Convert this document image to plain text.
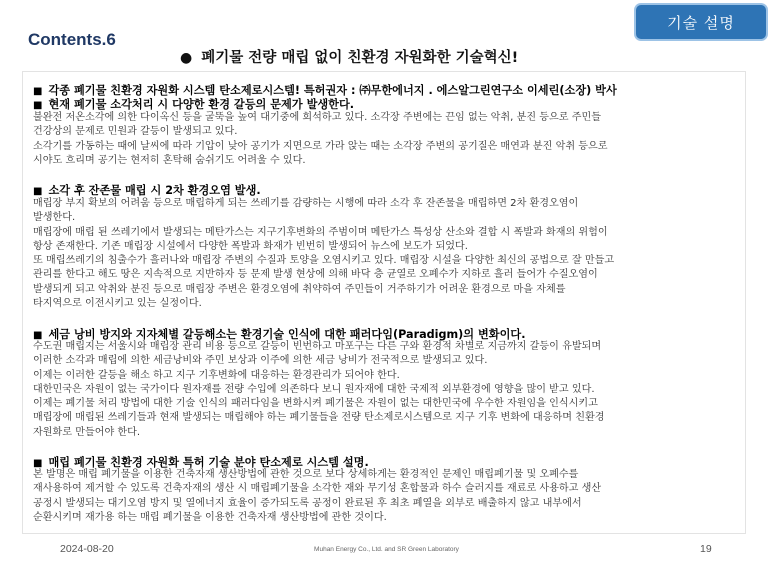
Contents.6
기술 설명
● 폐기물 전량 매립 없이 친환경 자원화한 기술혁신!
■ 각종 폐기물 친환경 자원화 시스템 탄소제로시스템! 특허권자 : ㈜무한에너지 . 에스알그린연구소 이세린(소장) 박사
■ 현재 폐기물 소각처리 시 다양한 환경 갈등의 문제가 발생한다.
불완전 저온소각에 의한 다이옥신 등을 굴뚝을 높여 대기중에 희석하고 있다. 소각장 주변에는 끈임 없는 악취, 분진 등으로 주민들
건강상의 문제로 민원과 갈등이 발생되고 있다.
소각기를 가동하는 때에 날씨에 따라 기압이 낮아 공기가 지면으로 가라 앉는 때는 소각장 주변의 공기질은 매연과 분진 악취 등으로
시야도 흐리며 공기는 현저히 혼탁해 숨쉬기도 어려울 수 있다.
■ 소각 후 잔존물 매립 시 2차 환경오염 발생.
매립장 부지 확보의 어려움 등으로 매립하게 되는 쓰레기를 감량하는 시행에 따라 소각 후 잔존물을 매립하면 2차 환경오염이
발생한다.
매립장에 매립 된 쓰레기에서 발생되는 메탄가스는 지구기후변화의 주범이며 메탄가스 특성상 산소와 결합 시 폭발과 화재의 위험이
항상 존재한다. 기존 매립장 시설에서 다양한 폭발과 화재가 빈번히 발생되어 뉴스에 보도가 되었다.
또 매립쓰레기의 침출수가 흘러나와 매립장 주변의 수질과 토양을 오염시키고 있다. 매립장 시설을 다양한 최신의 공법으로 잘 만들고
관리를 한다고 해도 땅은 지속적으로 지반하자 등 문제 발생 현상에 의해 바닥 층 균열로 오폐수가 지하로 흘러 들어가 수질오염이
발생되게 되고 악취와 분진 등으로 매립장 주변은 환경오염에 취약하여 주민들이 거주하기가 어려운 환경으로 마을 자체를
타지역으로 이전시키고 있는 실정이다.
■ 세금 낭비 방지와 지자체별 갈등해소는 환경기술 인식에 대한 패러다임(Paradigm)의 변화이다.
수도권 매립지는 서울시와 매립장 관리 비용 등으로 갈등이 빈번하고 마포구는 다른 구와 환경적 차별로 지금까지 갈등이 유발되며
이러한 소각과 매립에 의한 세금낭비와 주민 보상과 이주에 의한 세금 낭비가 전국적으로 발생되고 있다.
이제는 이러한 갈등을 해소 하고 지구 기후변화에 대응하는 환경관리가 되어야 한다.
대한민국은 자원이 없는 국가이다 원자재를 전량 수입에 의존하다 보니 원자재에 대한 국제적 외부환경에 영향을 많이 받고 있다.
이제는 폐기물 처리 방법에 대한 기술 인식의 패러다임을 변화시켜 폐기물은 자원이 없는 대한민국에 우수한 자원임을 인식시키고
매립장에 매립된 쓰레기들과 현재 발생되는 매립해야 하는 폐기물들을 전량 탄소제로시스템으로 지구 기후 변화에 대응하며 친환경
자원화로 만들어야 한다.
■ 매립 폐기물 친환경 자원화 특허 기술 분야 탄소제로 시스템 설명.
본 발명은 매립 폐기물을 이용한 건축자재 생산방법에 관한 것으로 보다 상세하게는 환경적인 문제인 매립폐기물 및 오폐수를
재사용하여 제거할 수 있도록 건축자재의 생산 시 매립폐기물을 소각한 재와 무기성 혼합물과 하수 슬러지를 재료로 사용하고 생산
공정시 발생되는 대기오염 방지 및 열에너지 효율이 증가되도록 공정이 완료된 후 최초 폐열을 외부로 배출하지 않고 내부에서
순환시키며 재가용 하는 매립 폐기물을 이용한 건축자재 생산방법에 관한 것이다.
2024-08-20	Muhan Energy Co., Ltd. and SR Green Laboratory	19
